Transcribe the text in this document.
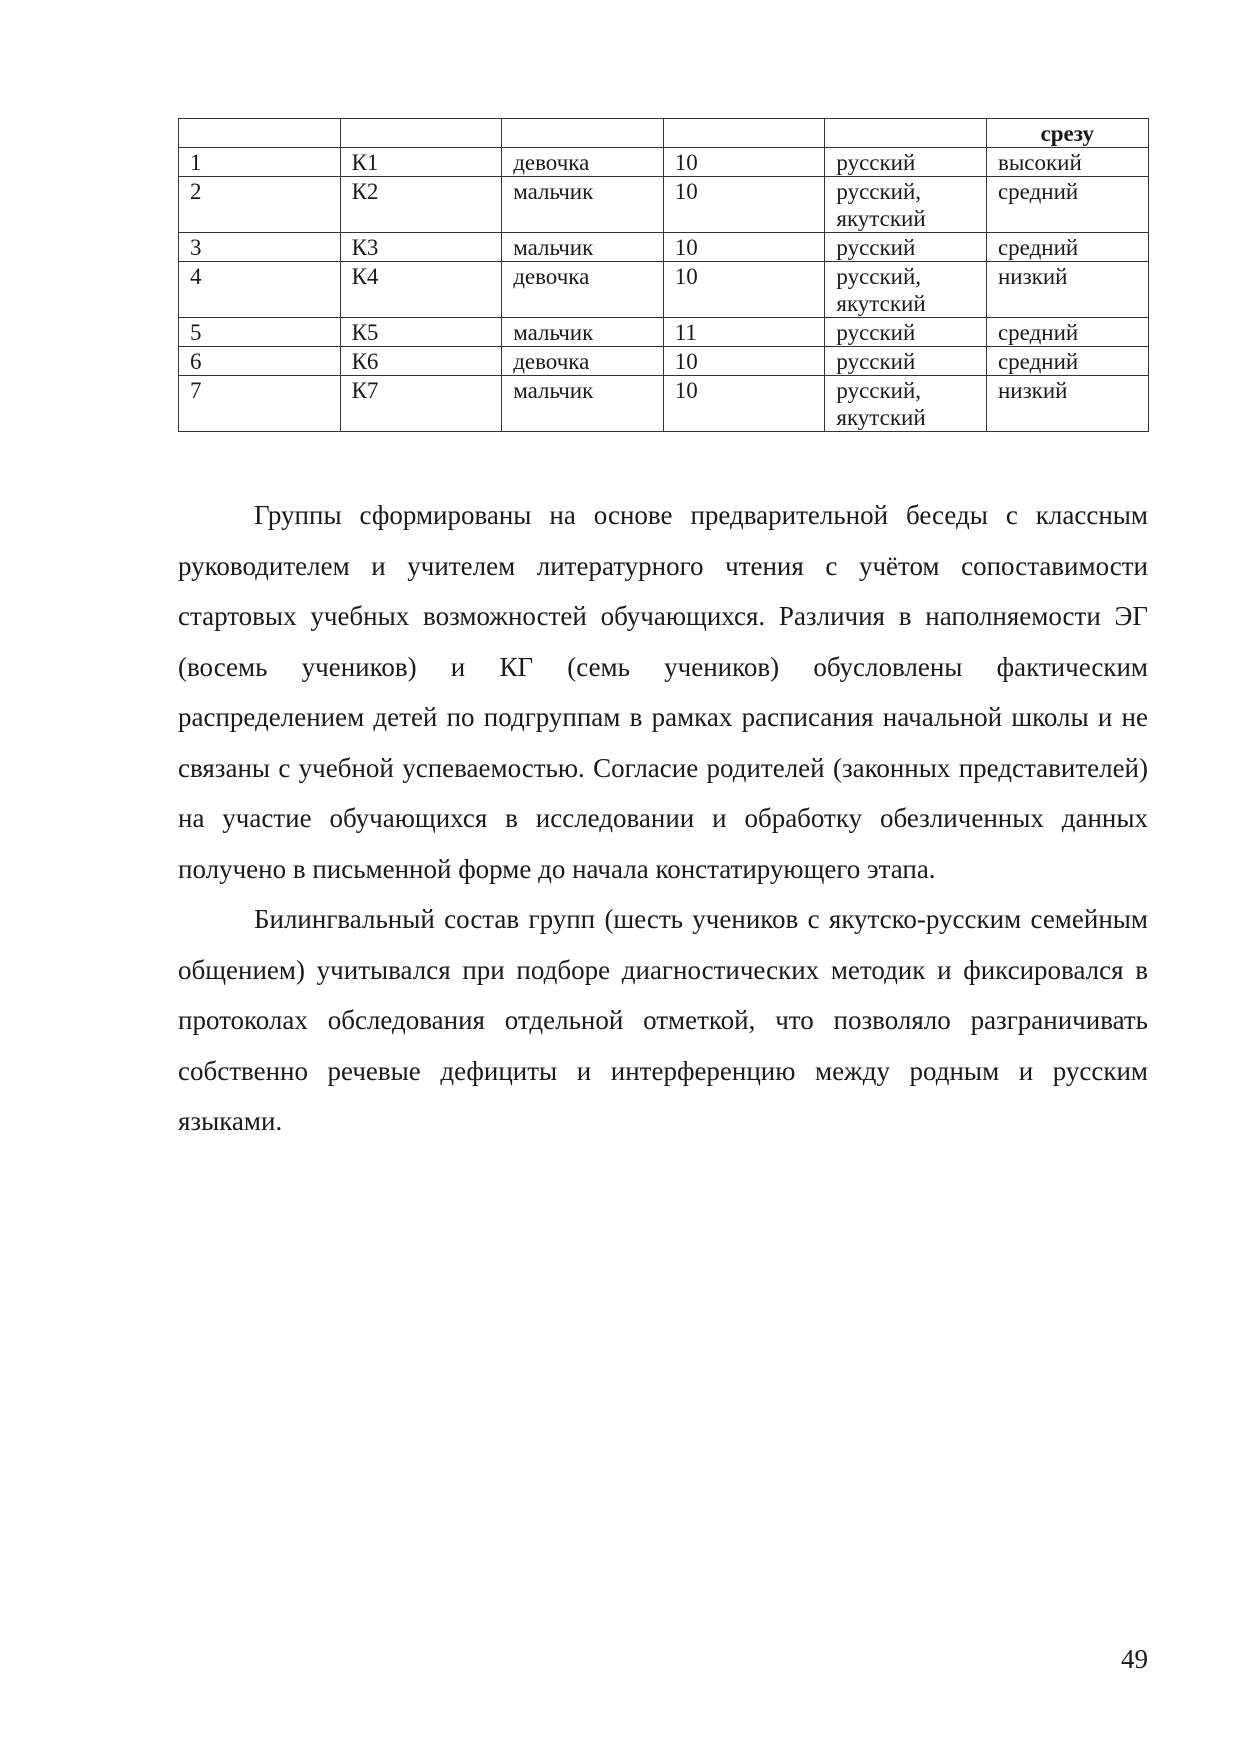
					срезу
1	К1	девочка	10	русский	высокий
2	К2	мальчик	10	русский, якутский	средний
3	К3	мальчик	10	русский	средний
4	К4	девочка	10	русский, якутский	низкий
5	К5	мальчик	11	русский	средний
6	К6	девочка	10	русский	средний
7	К7	мальчик	10	русский, якутский	низкий

Группы сформированы на основе предварительной беседы с классным руководителем и учителем литературного чтения с учётом сопоставимости стартовых учебных возможностей обучающихся. Различия в наполняемости ЭГ (восемь учеников) и КГ (семь учеников) обусловлены фактическим распределением детей по подгруппам в рамках расписания начальной школы и не связаны с учебной успеваемостью. Согласие родителей (законных представителей) на участие обучающихся в исследовании и обработку обезличенных данных получено в письменной форме до начала констатирующего этапа.

Билингвальный состав групп (шесть учеников с якутско-русским семейным общением) учитывался при подборе диагностических методик и фиксировался в протоколах обследования отдельной отметкой, что позволяло разграничивать собственно речевые дефициты и интерференцию между родным и русским языками.

49
